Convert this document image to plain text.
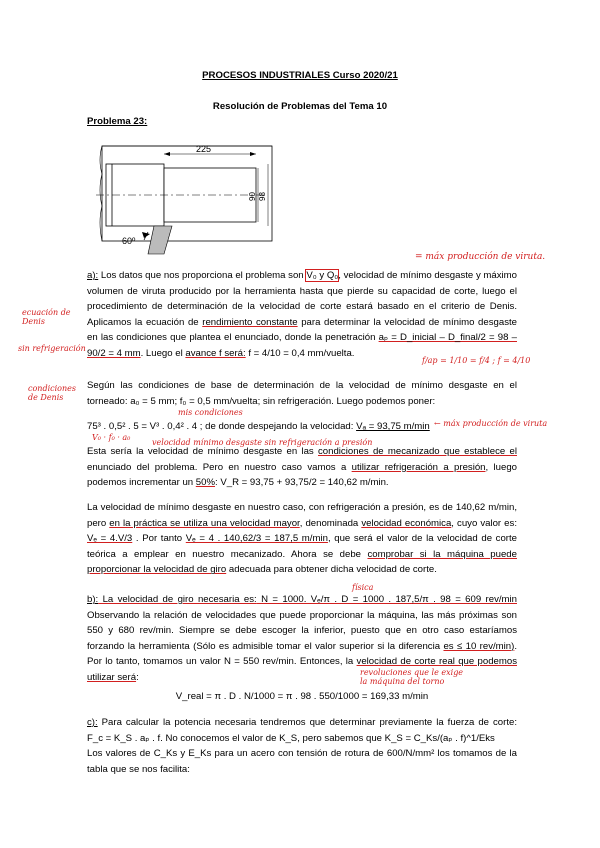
PROCESOS INDUSTRIALES Curso 2020/21
Resolución de Problemas del Tema 10
Problema 23:
225
90 98
60º
= máx producción de viruta.
ecuación de Denis
sin refrigeración
condiciones de Denis
f/ap = 1/10 = f/4 ; f = 4/10
mis condiciones
V₀ · f₀ · a₀
velocidad mínimo desgaste sin refrigeración a presión
← máx producción de viruta
física
revoluciones que le exige la máquina del torno
a): Los datos que nos proporciona el problema son V₀ y Q₀, velocidad de mínimo desgaste y máximo volumen de viruta producido por la herramienta hasta que pierde su capacidad de corte, luego el procedimiento de determinación de la velocidad de corte estará basado en el criterio de Denis. Aplicamos la ecuación de rendimiento constante para determinar la velocidad de mínimo desgaste en las condiciones que plantea el enunciado, donde la penetración aₚ = D_inicial – D_final/2 = 98 – 90/2 = 4 mm. Luego el avance f será: f = 4/10 = 0,4 mm/vuelta.
Según las condiciones de base de determinación de la velocidad de mínimo desgaste en el torneado: a₀ = 5 mm; f₀ = 0,5 mm/vuelta; sin refrigeración. Luego podemos poner:
75³ . 0,5² . 5 = V³ . 0,4² . 4 ; de donde despejando la velocidad: Vₐ = 93,75 m/min
Esta sería la velocidad de mínimo desgaste en las condiciones de mecanizado que establece el enunciado del problema. Pero en nuestro caso vamos a utilizar refrigeración a presión, luego podemos incrementar un 50%: V_R = 93,75 + 93,75/2 = 140,62 m/min.
La velocidad de mínimo desgaste en nuestro caso, con refrigeración a presión, es de 140,62 m/min, pero en la práctica se utiliza una velocidad mayor, denominada velocidad económica, cuyo valor es: Vₑ = 4.V/3 . Por tanto Vₑ = 4 . 140,62/3 = 187,5 m/min, que será el valor de la velocidad de corte teórica a emplear en nuestro mecanizado. Ahora se debe comprobar si la máquina puede proporcionar la velocidad de giro adecuada para obtener dicha velocidad de corte.
b): La velocidad de giro necesaria es: N = 1000. Vₑ/π . D = 1000 . 187,5/π . 98 = 609 rev/min Observando la relación de velocidades que puede proporcionar la máquina, las más próximas son 550 y 680 rev/min. Siempre se debe escoger la inferior, puesto que en otro caso estaríamos forzando la herramienta (Sólo es admisible tomar el valor superior si la diferencia es ≤ 10 rev/min). Por lo tanto, tomamos un valor N = 550 rev/min. Entonces, la velocidad de corte real que podemos utilizar será:
V_real = π . D . N/1000 = π . 98 . 550/1000 = 169,33 m/min
c): Para calcular la potencia necesaria tendremos que determinar previamente la fuerza de corte: F_c = K_S . aₚ . f. No conocemos el valor de K_S, pero sabemos que K_S = C_Ks/(aₚ . f)^1/Eks
Los valores de C_Ks y E_Ks para un acero con tensión de rotura de 600/N/mm² los tomamos de la tabla que se nos facilita:
